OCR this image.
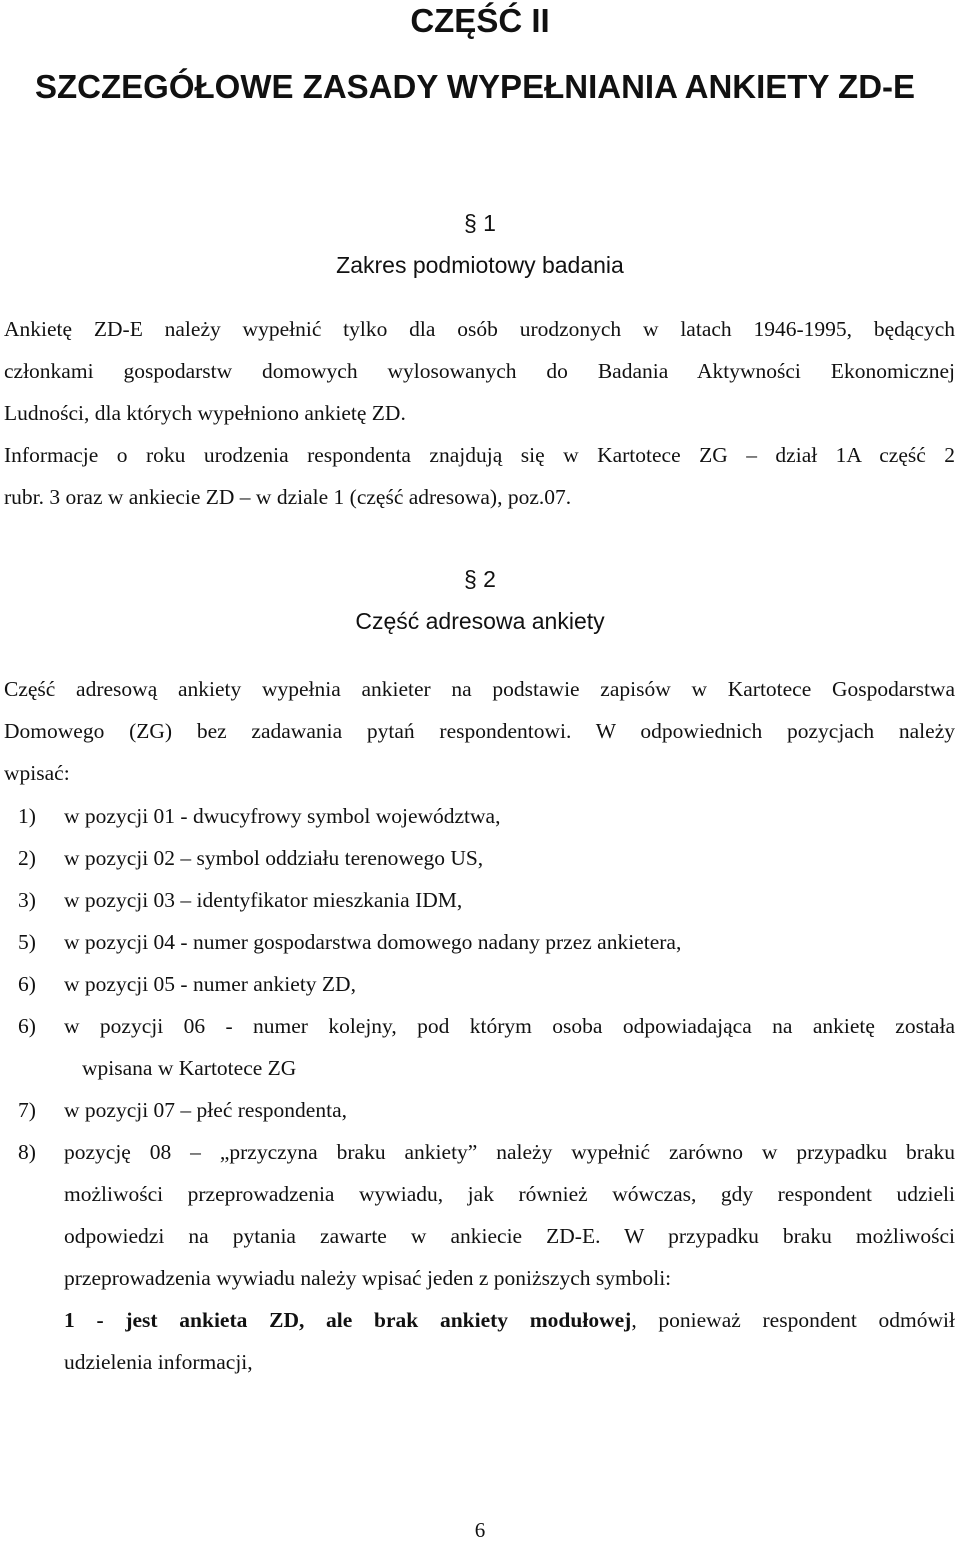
CZĘŚĆ II
SZCZEGÓŁOWE ZASADY WYPEŁNIANIA ANKIETY ZD-E
§ 1
Zakres podmiotowy badania
Ankietę ZD-E należy wypełnić tylko dla osób urodzonych w latach 1946-1995, będących
członkami gospodarstw domowych wylosowanych do Badania Aktywności Ekonomicznej
Ludności, dla których wypełniono ankietę ZD.
Informacje o roku urodzenia respondenta znajdują się w Kartotece ZG – dział 1A część 2
rubr. 3 oraz w ankiecie ZD – w dziale 1 (część adresowa), poz.07.
§ 2
Część adresowa ankiety
Część adresową ankiety wypełnia ankieter na podstawie zapisów w Kartotece Gospodarstwa
Domowego (ZG) bez zadawania pytań respondentowi. W odpowiednich pozycjach należy
wpisać:
1)	w pozycji 01 - dwucyfrowy symbol województwa,
2)	w pozycji 02 – symbol oddziału terenowego US,
3)	w pozycji 03 – identyfikator mieszkania IDM,
5)	w pozycji 04 - numer gospodarstwa domowego nadany przez ankietera,
6)	w pozycji 05 - numer ankiety ZD,
6)	w pozycji 06 - numer kolejny, pod którym osoba odpowiadająca na ankietę została
wpisana w Kartotece ZG
7)	w pozycji 07 – płeć respondenta,
8)	pozycję 08 – „przyczyna braku ankiety” należy wypełnić zarówno w przypadku braku
możliwości przeprowadzenia wywiadu, jak również wówczas, gdy respondent udzieli
odpowiedzi na pytania zawarte w ankiecie ZD-E. W przypadku braku możliwości
przeprowadzenia wywiadu należy wpisać jeden z poniższych symboli:
1 - jest ankieta ZD, ale brak ankiety modułowej, ponieważ respondent odmówił
udzielenia informacji,
6
